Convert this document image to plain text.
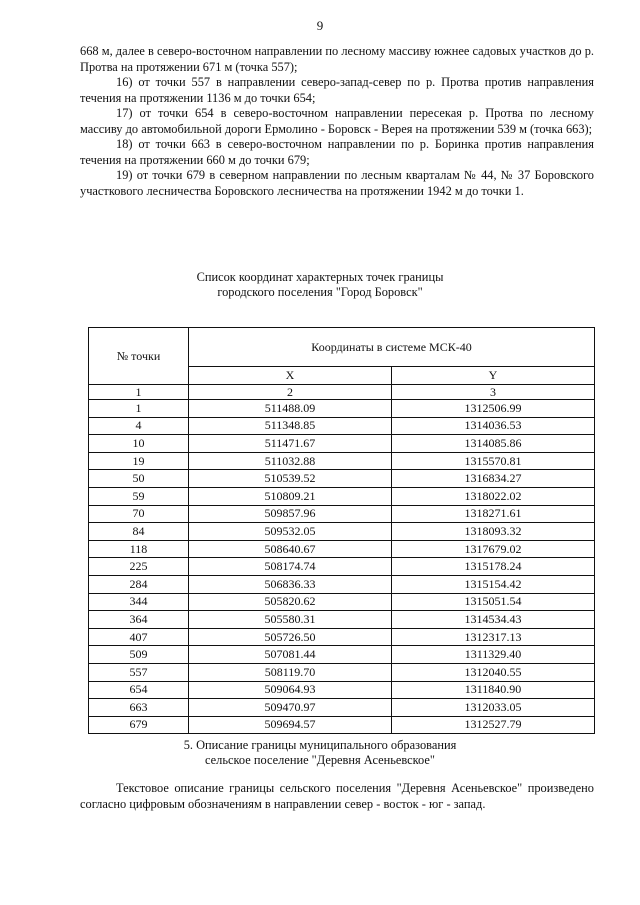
9

668 м, далее в северо-восточном направлении по лесному массиву южнее садовых участков до р. Протва на протяжении 671 м (точка 557);

16) от точки 557 в направлении северо-запад-север по р. Протва против направления течения на протяжении 1136 м до точки 654;

17) от точки 654 в северо-восточном направлении пересекая р. Протва по лесному массиву до автомобильной дороги Ермолино - Боровск - Верея на протяжении 539 м (точка 663);

18) от точки 663 в северо-восточном направлении по р. Боринка против направления течения на протяжении 660 м до точки 679;

19) от точки 679 в северном направлении по лесным кварталам № 44, № 37 Боровского участкового лесничества Боровского лесничества на протяжении 1942 м до точки 1.

Список координат характерных точек границы
городского поселения "Город Боровск"
№ точки	Координаты в системе МСК-40	
	X	Y
1	2	3
1	511488.09	1312506.99
4	511348.85	1314036.53
10	511471.67	1314085.86
19	511032.88	1315570.81
50	510539.52	1316834.27
59	510809.21	1318022.02
70	509857.96	1318271.61
84	509532.05	1318093.32
118	508640.67	1317679.02
225	508174.74	1315178.24
284	506836.33	1315154.42
344	505820.62	1315051.54
364	505580.31	1314534.43
407	505726.50	1312317.13
509	507081.44	1311329.40
557	508119.70	1312040.55
654	509064.93	1311840.90
663	509470.97	1312033.05
679	509694.57	1312527.79
5. Описание границы муниципального образования
сельское поселение "Деревня Асеньевское"

Текстовое описание границы сельского поселения "Деревня Асеньевское" произведено согласно цифровым обозначениям в направлении север - восток - юг - запад.
